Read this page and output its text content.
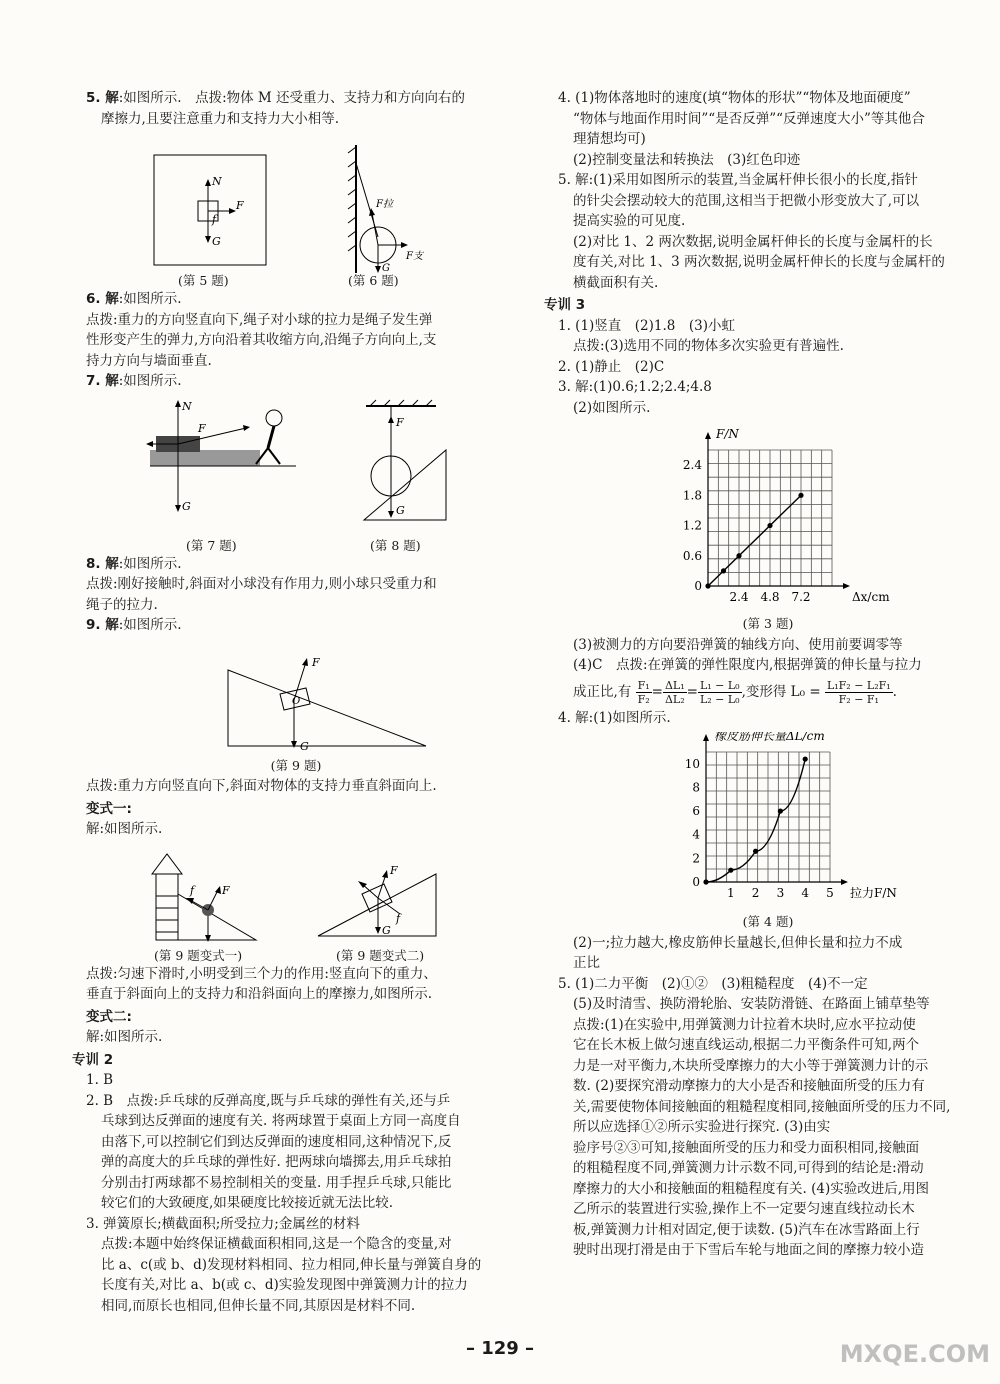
5. 解:如图所示.　点拨:物体 M 还受重力、支持力和方向向右的

摩擦力,且要注意重力和支持力大小相等.

N
F
f
G
F拉
F支
G
(第 5 题)	(第 6 题)

6. 解:如图所示.

点拨:重力的方向竖直向下,绳子对小球的拉力是绳子发生弹

性形变产生的弹力,方向沿着其收缩方向,沿绳子方向向上,支

持力方向与墙面垂直.

7. 解:如图所示.

N
F
G
F
G
(第 7 题)	(第 8 题)

8. 解:如图所示.

点拨:刚好接触时,斜面对小球没有作用力,则小球只受重力和

绳子的拉力.

9. 解:如图所示.

F
O
G

(第 9 题)

点拨:重力方向竖直向下,斜面对物体的支持力垂直斜面向上.

变式一:

解:如图所示.

F
f
F
G
f
(第 9 题变式一)	(第 9 题变式二)

点拨:匀速下滑时,小明受到三个力的作用:竖直向下的重力、

垂直于斜面向上的支持力和沿斜面向上的摩擦力,如图所示.

变式二:

解:如图所示.

专训 2

1. B

2. B　点拨:乒乓球的反弹高度,既与乒乓球的弹性有关,还与乒

乓球到达反弹面的速度有关. 将两球置于桌面上方同一高度自

由落下,可以控制它们到达反弹面的速度相同,这种情况下,反

弹的高度大的乒乓球的弹性好. 把两球向墙掷去,用乒乓球拍

分别击打两球都不易控制相关的变量. 用手捏乒乓球,只能比

较它们的大致硬度,如果硬度比较接近就无法比较.

3. 弹簧原长;横截面积;所受拉力;金属丝的材料

点拨:本题中始终保证横截面积相同,这是一个隐含的变量,对

比 a、c(或 b、d)发现材料相同、拉力相同,伸长量与弹簧自身的

长度有关,对比 a、b(或 c、d)实验发现图中弹簧测力计的拉力

相同,而原长也相同,但伸长量不同,其原因是材料不同.

4. (1)物体落地时的速度(填“物体的形状”“物体及地面硬度”

“物体与地面作用时间”“是否反弹”“反弹速度大小”等其他合

理猜想均可)

(2)控制变量法和转换法　(3)红色印迹

5. 解:(1)采用如图所示的装置,当金属杆伸长很小的长度,指针

的针尖会摆动较大的范围,这相当于把微小形变放大了,可以

提高实验的可见度.

(2)对比 1、2 两次数据,说明金属杆伸长的长度与金属杆的长

度有关,对比 1、3 两次数据,说明金属杆伸长的长度与金属杆的

横截面积有关.

专训 3

1. (1)竖直　(2)1.8　(3)小虹

点拨:(3)选用不同的物体多次实验更有普遍性.

2. (1)静止　(2)C

3. 解:(1)0.6;1.2;2.4;4.8

(2)如图所示.

2.4 4.8 7.2
0
0.6
1.2
1.8
2.4
Δx/cm
F/N

(第 3 题)

(3)被测力的方向要沿弹簧的轴线方向、使用前要调零等

(4)C　点拨:在弹簧的弹性限度内,根据弹簧的伸长量与拉力

成正比,有 $\frac{\text{F₁}}{\text{F₂}} = \frac{\text{ΔL₁}}{\text{ΔL₂}} = \frac{\text{L₁ − L₀}}{\text{L₂ − L₀}}$ ,变形得 $L_0 = \frac{\text{L₁F₂ − L₂F₁}}{\text{F₂ − F₁}}$ .

4. 解:(1)如图所示.

1 2 3 4 5
0
2
4
6
8
10
拉力F/N
橡皮筋伸长量ΔL/cm

(第 4 题)

(2)一;拉力越大,橡皮筋伸长量越长,但伸长量和拉力不成

正比

5. (1)二力平衡　(2)①②　(3)粗糙程度　(4)不一定

(5)及时清雪、换防滑轮胎、安装防滑链、在路面上铺草垫等

点拨:(1)在实验中,用弹簧测力计拉着木块时,应水平拉动使

它在长木板上做匀速直线运动,根据二力平衡条件可知,两个

力是一对平衡力,木块所受摩擦力的大小等于弹簧测力计的示

数. (2)要探究滑动摩擦力的大小是否和接触面所受的压力有

关,需要使物体间接触面的粗糙程度相同,接触面所受的压力不同,

所以应选择①②所示实验进行探究. (3)由实

验序号②③可知,接触面所受的压力和受力面积相同,接触面

的粗糙程度不同,弹簧测力计示数不同,可得到的结论是:滑动

摩擦力的大小和接触面的粗糙程度有关. (4)实验改进后,用图

乙所示的装置进行实验,操作上不一定要匀速直线拉动长木

板,弹簧测力计相对固定,便于读数. (5)汽车在冰雪路面上行

驶时出现打滑是由于下雪后车轮与地面之间的摩擦力较小造

– 129 –	MXQE.COM
